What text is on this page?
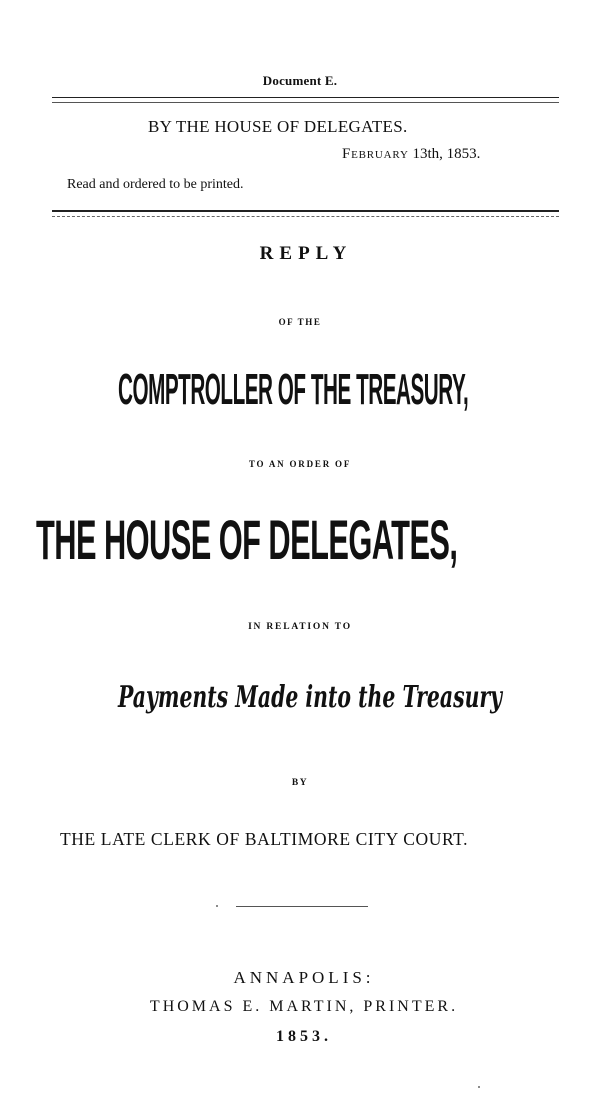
Document E.
BY THE HOUSE OF DELEGATES.
February 13th, 1853.
Read and ordered to be printed.
REPLY
OF THE
COMPTROLLER OF THE TREASURY,
TO AN ORDER OF
THE HOUSE OF DELEGATES,
IN RELATION TO
Payments Made into the Treasury
BY
THE LATE CLERK OF BALTIMORE CITY COURT.
ANNAPOLIS:
THOMAS E. MARTIN, PRINTER.
1853.
